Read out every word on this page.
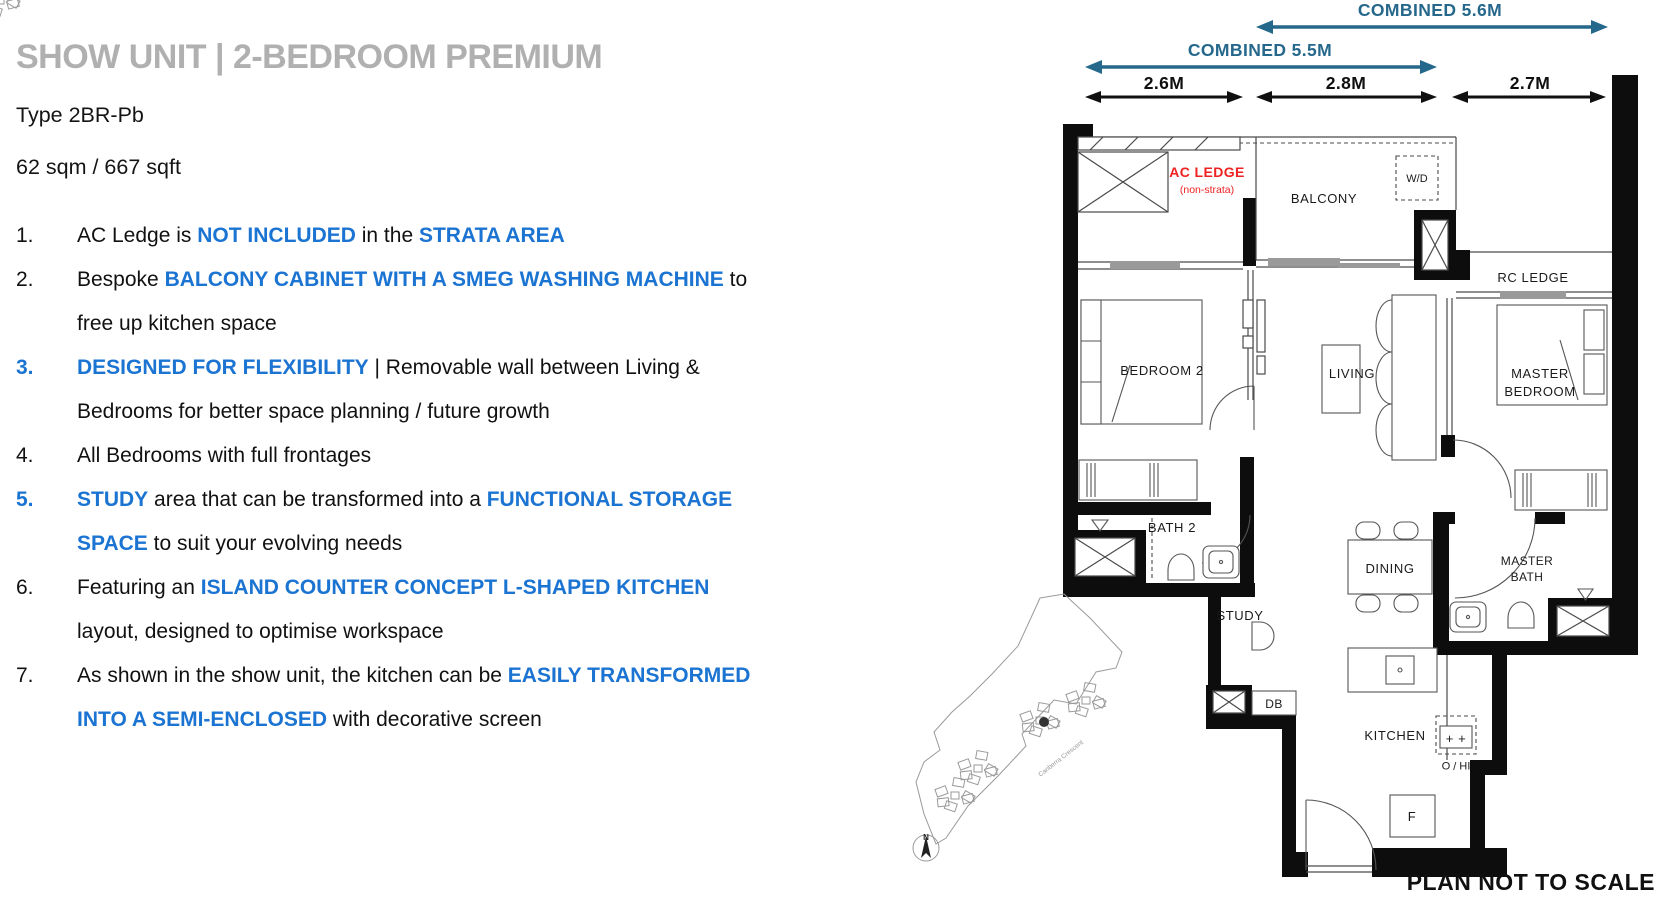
SHOW UNIT | 2-BEDROOM PREMIUM

Type 2BR-Pb

62 sqm / 667 sqft

1. AC Ledge is NOT INCLUDED in the STRATA AREA
2. Bespoke BALCONY CABINET WITH A SMEG WASHING MACHINE to
free up kitchen space
3. DESIGNED FOR FLEXIBILITY | Removable wall between Living &
Bedrooms for better space planning / future growth
4. All Bedrooms with full frontages
5. STUDY area that can be transformed into a FUNCTIONAL STORAGE
SPACE to suit your evolving needs
6. Featuring an ISLAND COUNTER CONCEPT L-SHAPED KITCHEN
layout, designed to optimise workspace
7. As shown in the show unit, the kitchen can be EASILY TRANSFORMED
INTO A SEMI-ENCLOSED with decorative screen
COMBINED 5.6M
COMBINED 5.5M
2.6M	2.8M	2.7M
AC LEDGE
(non-strata)
BALCONY
W/D
RC LEDGE
BEDROOM 2	LIVING	MASTER
BEDROOM
BATH 2
STUDY
DINING	MASTER
BATH
DB
KITCHEN
F
+ +
IH / O
PLAN NOT TO SCALE
Canberra Crescent
N
